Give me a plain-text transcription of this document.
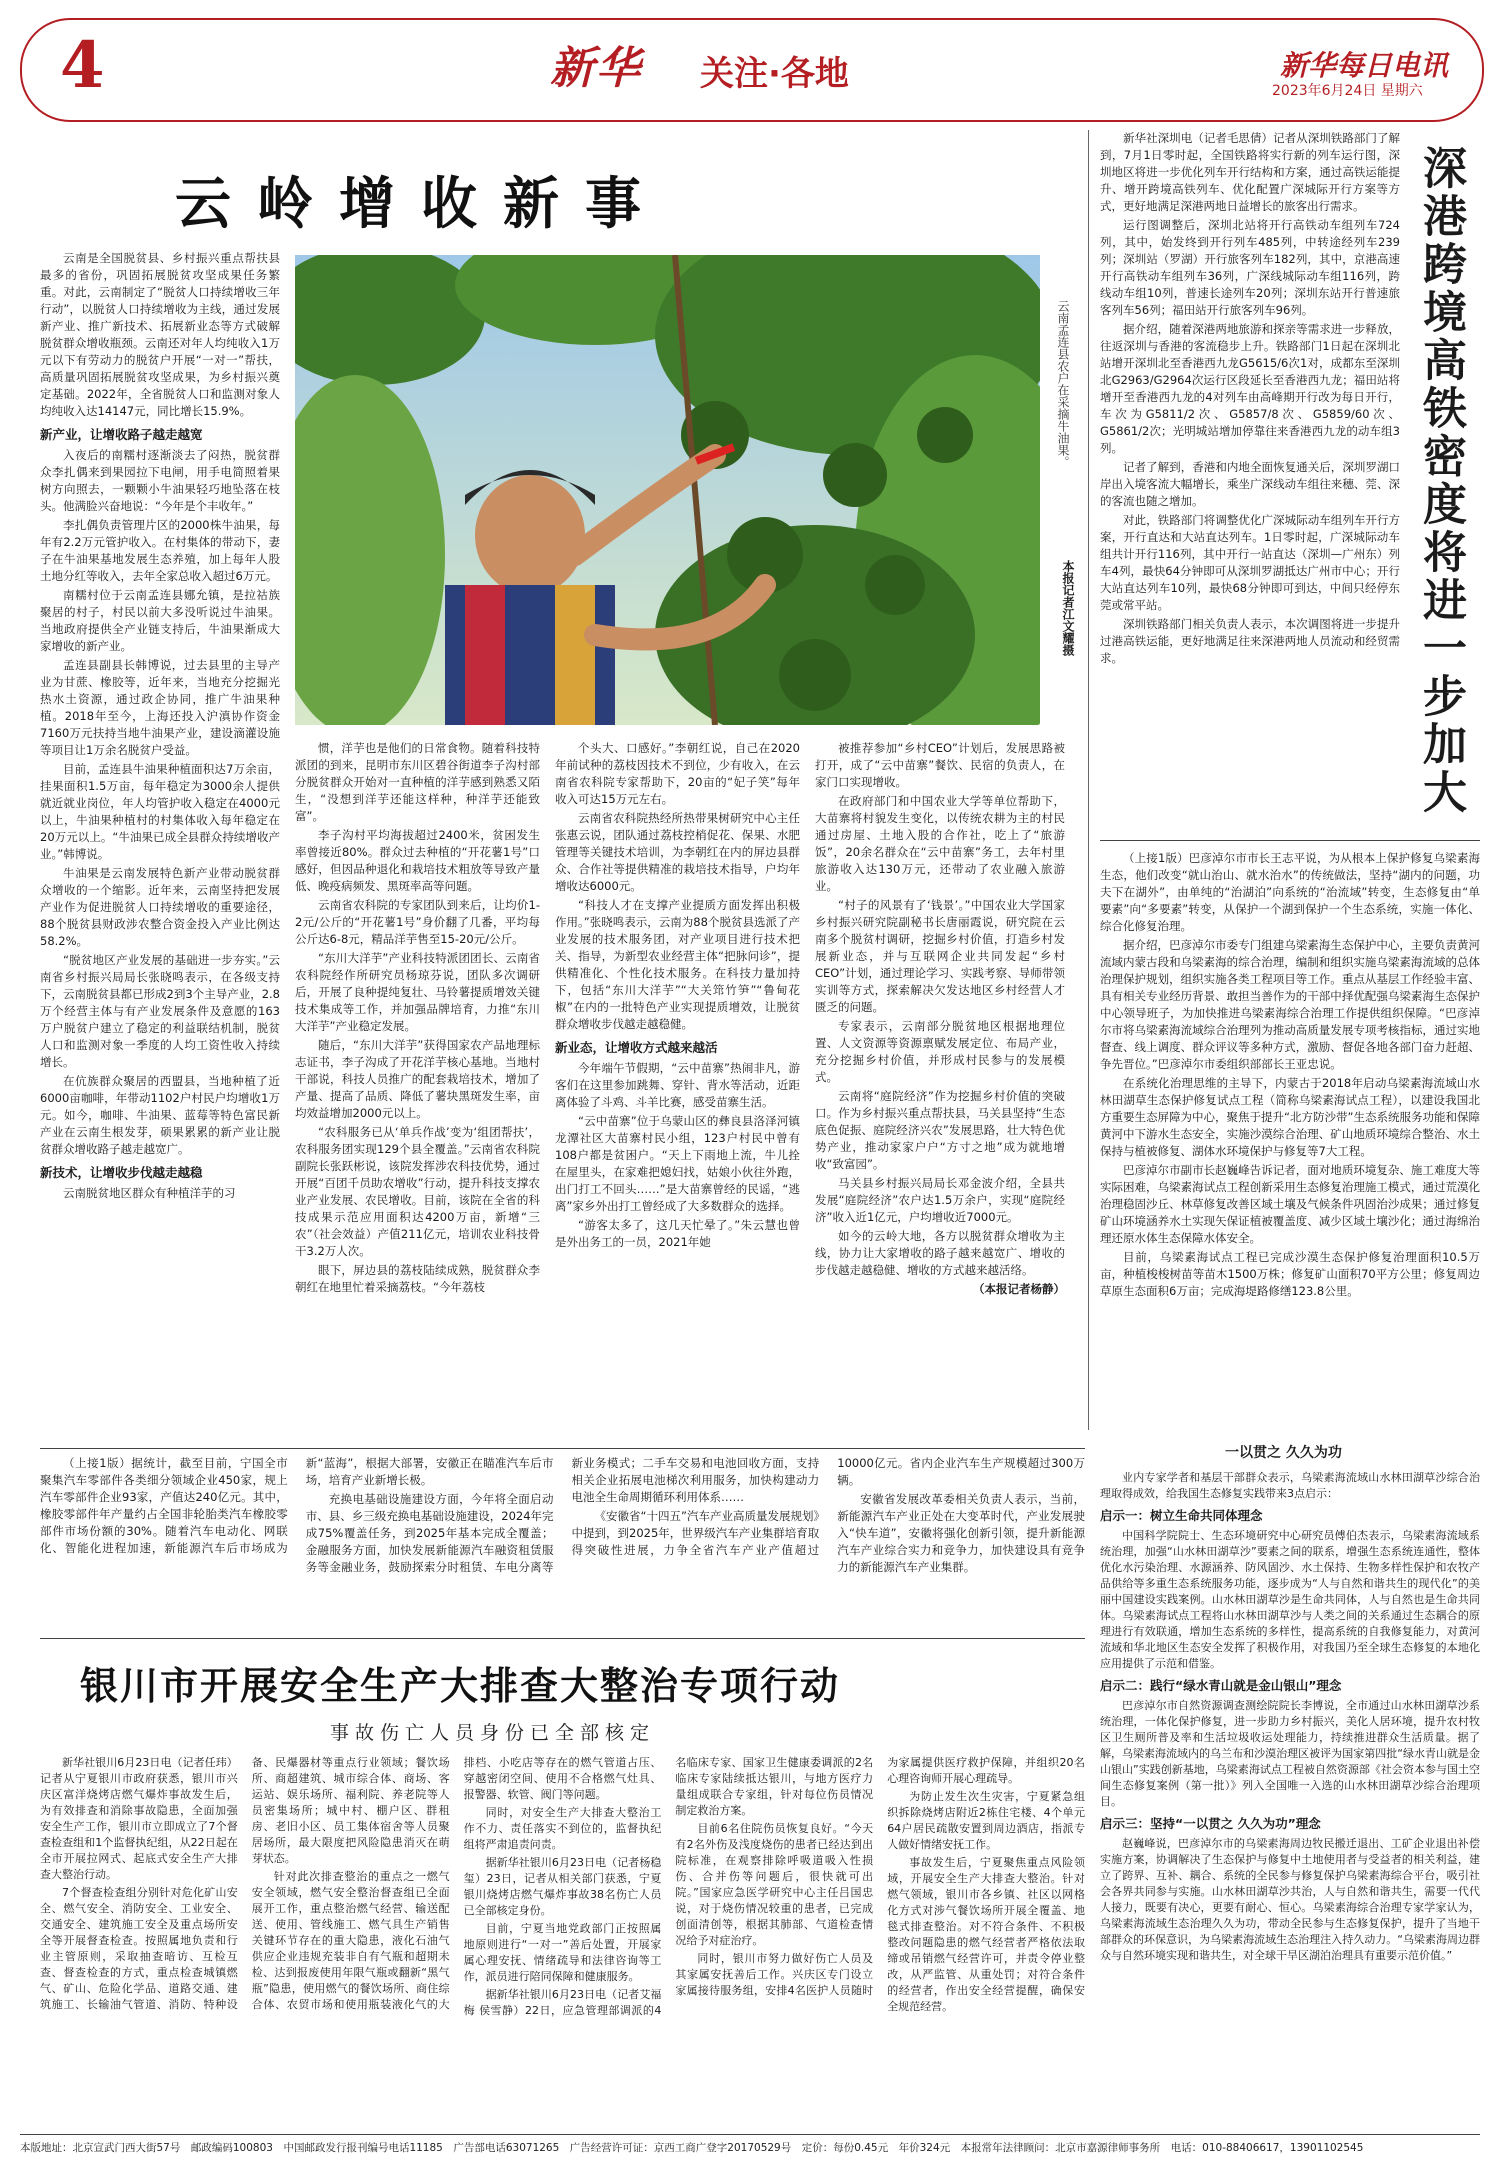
4	新华 关注·各地	新华每日电讯
2023年6月24日 星期六
云岭增收新事
云南孟连县农户在采摘牛油果。
本报记者江文耀摄

云南是全国脱贫县、乡村振兴重点帮扶县最多的省份，巩固拓展脱贫攻坚成果任务繁重。对此，云南制定了“脱贫人口持续增收三年行动”，以脱贫人口持续增收为主线，通过发展新产业、推广新技术、拓展新业态等方式破解脱贫群众增收瓶颈。云南还对年人均纯收入1万元以下有劳动力的脱贫户开展“一对一”帮扶，高质量巩固拓展脱贫攻坚成果，为乡村振兴奠定基础。2022年，全省脱贫人口和监测对象人均纯收入达14147元，同比增长15.9%。

新产业，让增收路子越走越宽

入夜后的南糯村逐渐淡去了闷热，脱贫群众李扎偶来到果园拉下电闸，用手电简照着果树方向照去，一颗颗小牛油果轻巧地坠落在枝头。他满脸兴奋地说：“今年是个丰收年。”

李扎偶负责管理片区的2000株牛油果，每年有2.2万元管护收入。在村集体的带动下，妻子在牛油果基地发展生态养殖，加上每年人股土地分红等收入，去年全家总收入超过6万元。

南糯村位于云南孟连县娜允镇，是拉祜族聚居的村子，村民以前大多没听说过牛油果。当地政府提供全产业链支持后，牛油果渐成大家增收的新产业。

孟连县副县长韩博说，过去县里的主导产业为甘蔗、橡胶等，近年来，当地充分挖掘光热水土资源，通过政企协同，推广牛油果种植。2018年至今，上海还投入沪滇协作资金7160万元扶持当地牛油果产业，建设滴灌设施等项目让1万余名脱贫户受益。

目前，孟连县牛油果种植面积达7万余亩，挂果面积1.5万亩，每年稳定为3000余人提供就近就业岗位，年人均管护收入稳定在4000元以上，牛油果种植村的村集体收入每年稳定在20万元以上。“牛油果已成全县群众持续增收产业。”韩博说。

牛油果是云南发展特色新产业带动脱贫群众增收的一个缩影。近年来，云南坚持把发展产业作为促进脱贫人口持续增收的重要途径，88个脱贫县财政涉农整合资金投入产业比例达58.2%。

“脱贫地区产业发展的基础进一步夯实。”云南省乡村振兴局局长张晓鸣表示，在各级支持下，云南脱贫县都已形成2到3个主导产业，2.8万个经营主体与有产业发展条件及意愿的163万户脱贫户建立了稳定的利益联结机制，脱贫人口和监测对象一季度的人均工资性收入持续增长。

在伉族群众聚居的西盟县，当地种植了近6000亩咖啡，年带动1102户村民户均增收1万元。如今，咖啡、牛油果、蓝莓等特色富民新产业在云南生根发芽，硕果累累的新产业让脱贫群众增收路子越走越宽广。

新技术，让增收步伐越走越稳

云南脱贫地区群众有种植洋芋的习

惯，洋芋也是他们的日常食物。随着科技特派团的到来，昆明市东川区碧谷街道李子沟村部分脱贫群众开始对一直种植的洋芋感到熟悉又陌生，“没想到洋芋还能这样种，种洋芋还能致富”。

李子沟村平均海拔超过2400米，贫困发生率曾接近80%。群众过去种植的“开花薯1号”口感好，但因品种退化和栽培技术粗放等导致产量低、晚疫病频发、黑斑率高等问题。

云南省农科院的专家团队到来后，让均价1-2元/公斤的“开花薯1号”身价翻了几番，平均每公斤达6-8元，精品洋芋售至15-20元/公斤。

“东川大洋芋”产业科技特派团团长、云南省农科院经作所研究员杨琼芬说，团队多次调研后，开展了良种提纯复壮、马铃薯提质增效关键技术集成等工作，并加强品牌培育，力推“东川大洋芋”产业稳定发展。

随后，“东川大洋芋”获得国家农产品地理标志证书，李子沟成了开花洋芋核心基地。当地村干部说，科技人员推广的配套栽培技术，增加了产量、提高了品质、降低了薯块黑斑发生率，亩均效益增加2000元以上。

“农科服务已从‘单兵作战’变为‘组团帮扶’，农科服务团实现129个县全覆盖。”云南省农科院副院长张跃彬说，该院发挥涉农科技优势，通过开展“百团千员助农增收”行动，提升科技支撑农业产业发展、农民增收。目前，该院在全省的科技成果示范应用面积达4200万亩，新增“三农”（社会效益）产值211亿元，培训农业科技骨干3.2万人次。

眼下，屏边县的荔枝陆续成熟，脱贫群众李朝红在地里忙着采摘荔枝。“今年荔枝

个头大、口感好。”李朝红说，自己在2020年前试种的荔枝因技术不到位，少有收入，在云南省农科院专家帮助下，20亩的“妃子笑”每年收入可达15万元左右。

云南省农科院热经所热带果树研究中心主任张惠云说，团队通过荔枝控梢促花、保果、水肥管理等关键技术培训，为李朝红在内的屏边县群众、合作社等提供精准的栽培技术指导，户均年增收达6000元。

“科技人才在支撑产业提质方面发挥出积极作用。”张晓鸣表示，云南为88个脱贫县选派了产业发展的技术服务团，对产业项目进行技术把关、指导，为新型农业经营主体“把脉问诊”，提供精准化、个性化技术服务。在科技力量加持下，包括“东川大洋芋”“大关筇竹笋”“鲁甸花椒”在内的一批特色产业实现提质增效，让脱贫群众增收步伐越走越稳健。

新业态，让增收方式越来越活

今年端午节假期，“云中苗寨”热闹非凡，游客们在这里参加跳舞、穿针、背水等活动，近距离体验了斗鸡、斗羊比赛，感受苗寨生活。

“云中苗寨”位于乌蒙山区的彝良县洛泽河镇龙潭社区大苗寨村民小组，123户村民中曾有108户都是贫困户。“天上下雨地上流，牛儿拴在屋里头，在家难把媳妇找，姑娘小伙往外跑，出门打工不回头……”是大苗寨曾经的民谣，“逃离”家乡外出打工曾经成了大多数群众的选择。

“游客太多了，这几天忙晕了。”朱云慧也曾是外出务工的一员，2021年她

被推荐参加“乡村CEO”计划后，发展思路被打开，成了“云中苗寨”餐饮、民宿的负责人，在家门口实现增收。

在政府部门和中国农业大学等单位帮助下，大苗寨将村貌发生变化，以传统农耕为主的村民通过房屋、土地入股的合作社，吃上了“旅游饭”，20余名群众在“云中苗寨”务工，去年村里旅游收入达130万元，还带动了农业融入旅游业。

“村子的风景有了‘钱景’。”中国农业大学国家乡村振兴研究院副秘书长唐丽霞说，研究院在云南多个脱贫村调研，挖掘乡村价值，打造乡村发展新业态，并与互联网企业共同发起“乡村CEO”计划，通过理论学习、实践考察、导师带领实训等方式，探索解决欠发达地区乡村经营人才匮乏的问题。

专家表示，云南部分脱贫地区根据地理位置、人文资源等资源禀赋发展定位、布局产业，充分挖掘乡村价值，并形成村民参与的发展模式。

云南将“庭院经济”作为挖掘乡村价值的突破口。作为乡村振兴重点帮扶县，马关县坚持“生态底色促振、庭院经济兴农”发展思路，壮大特色优势产业，推动家家户户“方寸之地”成为就地增收“致富园”。

马关县乡村振兴局局长邓金波介绍，全县共发展“庭院经济”农户达1.5万余户，实现“庭院经济”收入近1亿元，户均增收近7000元。

如今的云岭大地，各方以脱贫群众增收为主线，协力让大家增收的路子越来越宽广、增收的步伐越走越稳健、增收的方式越来越活络。

（本报记者杨静）

深港跨境高铁密度将进一步加大

新华社深圳电（记者毛思倩）记者从深圳铁路部门了解到，7月1日零时起，全国铁路将实行新的列车运行图，深圳地区将进一步优化列车开行结构和方案，通过高铁运能提升、增开跨境高铁列车、优化配置广深城际开行方案等方式，更好地满足深港两地日益增长的旅客出行需求。

运行图调整后，深圳北站将开行高铁动车组列车724列，其中，始发终到开行列车485列，中转途经列车239列；深圳站（罗湖）开行旅客列车182列，其中，京港高速开行高铁动车组列车36列，广深线城际动车组116列，跨线动车组10列，普速长途列车20列；深圳东站开行普速旅客列车56列；福田站开行旅客列车96列。

据介绍，随着深港两地旅游和探亲等需求进一步释放，往返深圳与香港的客流稳步上升。铁路部门1日起在深圳北站增开深圳北至香港西九龙G5615/6次1对，成都东至深圳北G2963/G2964次运行区段延长至香港西九龙；福田站将增开至香港西九龙的4对列车由高峰期开行改为每日开行，车次为G5811/2次、G5857/8次、G5859/60次、G5861/2次；光明城站增加停靠往来香港西九龙的动车组3列。

记者了解到，香港和内地全面恢复通关后，深圳罗湖口岸出入境客流大幅增长，乘坐广深线动车组往来穗、莞、深的客流也随之增加。

对此，铁路部门将调整优化广深城际动车组列车开行方案，开行直达和大站直达列车。1日零时起，广深城际动车组共计开行116列，其中开行一站直达（深圳—广州东）列车4列，最快64分钟即可从深圳罗湖抵达广州市中心；开行大站直达列车10列，最快68分钟即可到达，中间只经停东莞或常平站。

深圳铁路部门相关负责人表示，本次调图将进一步提升过港高铁运能，更好地满足往来深港两地人员流动和经贸需求。

（上接1版）巴彦淖尔市市长王志平说，为从根本上保护修复乌梁素海生态，他们改变“就山治山、就水治水”的传统做法，坚持“湖内的问题，功夫下在湖外”，由单纯的“治湖泊”向系统的“治流域”转变，生态修复由“单要素”向“多要素”转变，从保护一个湖到保护一个生态系统，实施一体化、综合化修复治理。

据介绍，巴彦淖尔市委专门组建乌梁素海生态保护中心，主要负责黄河流域内蒙古段和乌梁素海的综合治理，编制和组织实施乌梁素海流域的总体治理保护规划，组织实施各类工程项目等工作。重点从基层工作经验丰富、具有相关专业经历背景、敢担当善作为的干部中择优配强乌梁素海生态保护中心领导班子，为加快推进乌梁素海综合治理工作提供组织保障。“巴彦淖尔市将乌梁素海流域综合治理列为推动高质量发展专项考核指标，通过实地督查、线上调度、群众评议等多种方式，激励、督促各地各部门奋力赶超、争先晋位。”巴彦淖尔市委组织部部长王亚忠说。

在系统化治理思维的主导下，内蒙古于2018年启动乌梁素海流域山水林田湖草生态保护修复试点工程（简称乌梁素海试点工程），以建设我国北方重要生态屏障为中心，聚焦于提升“北方防沙带”生态系统服务功能和保障黄河中下游水生态安全，实施沙漠综合治理、矿山地质环境综合整治、水土保持与植被修复、湖体水环境保护与修复等7大工程。

巴彦淖尔市副市长赵巍峰告诉记者，面对地质环境复杂、施工难度大等实际困难，乌梁素海试点工程创新采用生态修复治理施工模式，通过荒漠化治理稳固沙丘、林草修复改善区域土壤及气候条件巩固治沙成果；通过修复矿山环境涵养水土实现矢保证植被覆盖度、减少区域土壤沙化；通过海绵治理还原水体生态保障水体安全。

目前，乌梁素海试点工程已完成沙漠生态保护修复治理面积10.5万亩，种植梭梭树苗等苗木1500万株；修复矿山面积70平方公里；修复周边草原生态面积6万亩；完成海堤路修缮123.8公里。

一以贯之 久久为功

业内专家学者和基层干部群众表示，乌梁素海流域山水林田湖草沙综合治理取得成效，给我国生态修复实践带来3点启示：

启示一：树立生命共同体理念

中国科学院院士、生态环境研究中心研究员傅伯杰表示，乌梁素海流域系统治理，加强“山水林田湖草沙”要素之间的联系，增强生态系统连通性，整体优化水污染治理、水源涵养、防风固沙、水土保持、生物多样性保护和农牧产品供给等多重生态系统服务功能，逐步成为“人与自然和谐共生的现代化”的美丽中国建设实践案例。山水林田湖草沙是生命共同体，人与自然也是生命共同体。乌梁素海试点工程将山水林田湖草沙与人类之间的关系通过生态耦合的原理进行有效联通，增加生态系统的多样性，提高系统的自我修复能力，对黄河流域和华北地区生态安全发挥了积极作用，对我国乃至全球生态修复的本地化应用提供了示范和借鉴。

启示二：践行“绿水青山就是金山银山”理念

巴彦淖尔市自然资源调查测绘院院长李博说，全市通过山水林田湖草沙系统治理，一体化保护修复，进一步助力乡村振兴，美化人居环境，提升农村牧区卫生厕所普及率和生活垃圾收运处理能力，持续推进群众生活质量。据了解，乌梁素海流域内的乌兰布和沙漠治理区被评为国家第四批“绿水青山就是金山银山”实践创新基地，乌梁素海试点工程被自然资源部《社会资本参与国土空间生态修复案例（第一批）》列入全国唯一入选的山水林田湖草沙综合治理项目。

启示三：坚持“一以贯之 久久为功”理念

赵巍峰说，巴彦淖尔市的乌梁素海周边牧民搬迁退出、工矿企业退出补偿实施方案，协调解决了生态保护与修复中土地使用者与受益者的相关利益，建立了跨界、互补、耦合、系统的全民参与修复保护乌梁素海综合平台，吸引社会各界共同参与实施。山水林田湖草沙共治，人与自然和谐共生，需要一代代人接力，既要有决心，更要有耐心、恒心。乌梁素海综合治理专家学家认为，乌梁素海流域生态治理久久为功，带动全民参与生态修复保护，提升了当地干部群众的环保意识，为乌梁素海流域生态治理注入持久动力。“乌梁素海周边群众与自然环境实现和谐共生，对全球干旱区湖泊治理具有重要示范价值。”

（上接1版）据统计，截至目前，宁国全市聚集汽车零部件各类细分领域企业450家，规上汽车零部件企业93家，产值达240亿元。其中，橡胶零部件年产量约占全国非轮胎类汽车橡胶零部件市场份额的30%。随着汽车电动化、网联化、智能化进程加速，新能源汽车后市场成为新“蓝海”，根据大部署，安徽正在瞄准汽车后市场，培育产业新增长极。

充换电基础设施建设方面，今年将全面启动市、县、乡三级充换电基础设施建设，2024年完成75%覆盖任务，到2025年基本完成全覆盖；金融服务方面，加快发展新能源汽车融资租赁服务等金融业务，鼓励探索分时租赁、车电分离等新业务模式；二手车交易和电池回收方面，支持相关企业拓展电池梯次利用服务，加快构建动力电池全生命周期循环利用体系……

《安徽省“十四五”汽车产业高质量发展规划》中提到，到2025年，世界级汽车产业集群培育取得突破性进展，力争全省汽车产业产值超过10000亿元。省内企业汽车生产规模超过300万辆。

安徽省发展改革委相关负责人表示，当前，新能源汽车产业正处在大变革时代，产业发展驶入“快车道”，安徽将强化创新引领，提升新能源汽车产业综合实力和竞争力，加快建设具有竞争力的新能源汽车产业集群。

银川市开展安全生产大排查大整治专项行动
事故伤亡人员身份已全部核定

新华社银川6月23日电（记者任玮）记者从宁夏银川市政府获悉，银川市兴庆区富洋烧烤店燃气爆炸事故发生后，为有效排查和消除事故隐患，全面加强安全生产工作，银川市立即成立了7个督查检查组和1个监督执纪组，从22日起在全市开展拉网式、起底式安全生产大排查大整治行动。

7个督查检查组分别针对危化矿山安全、燃气安全、消防安全、工业安全、交通安全、建筑施工安全及重点场所安全等开展督查检查。按照属地负责和行业主管原则，采取抽查暗访、互检互查、督查检查的方式，重点检查城镇燃气、矿山、危险化学品、道路交通、建筑施工、长输油气管道、消防、特种设备、民爆器材等重点行业领域；餐饮场所、商超建筑、城市综合体、商场、客运站、娱乐场所、福利院、养老院等人员密集场所；城中村、棚户区、群租房、老旧小区、员工集体宿舍等人员聚居场所，最大限度把风险隐患消灭在萌芽状态。

针对此次排查整治的重点之一燃气安全领域，燃气安全整治督查组已全面展开工作，重点整治燃气经营、输送配送、使用、管线施工、燃气具生产销售关键环节存在的重大隐患，液化石油气供应企业违规充装非自有气瓶和超期未检、达到报废使用年限气瓶或翻新“黑气瓶”隐患，使用燃气的餐饮场所、商住综合体、农贸市场和使用瓶装液化气的大排档、小吃店等存在的燃气管道占压、穿越密闭空间、使用不合格燃气灶具、报警器、软管、阀门等问题。

同时，对安全生产大排查大整治工作不力、责任落实不到位的，监督执纪组将严肃追责问责。

据新华社银川6月23日电（记者杨稳玺）23日，记者从相关部门获悉，宁夏银川烧烤店燃气爆炸事故38名伤亡人员已全部核定身份。

目前，宁夏当地党政部门正按照属地原则进行“一对一”善后处置，开展家属心理安抚、情绪疏导和法律咨询等工作，派员进行陪同保障和健康服务。

据新华社银川6月23日电（记者艾福梅 侯雪静）22日，应急管理部调派的4名临床专家、国家卫生健康委调派的2名临床专家陆续抵达银川，与地方医疗力量组成联合专家组，针对每位伤员情况制定救治方案。

目前6名住院伤员恢复良好。“今天有2名外伤及浅度烧伤的患者已经达到出院标准，在观察排除呼吸道吸入性损伤、合并伤等问题后，很快就可出院。”国家应急医学研究中心主任吕国忠说，对于烧伤情况较重的患者，已完成创面清创等，根据其肺部、气道检查情况给予对症治疗。

同时，银川市努力做好伤亡人员及其家属安抚善后工作。兴庆区专门设立家属接待服务组，安排4名医护人员随时为家属提供医疗救护保障，并组织20名心理咨询师开展心理疏导。

为防止发生次生灾害，宁夏紧急组织拆除烧烤店附近2栋住宅楼、4个单元64户居民疏散安置到周边酒店，指派专人做好情绪安抚工作。

事故发生后，宁夏聚焦重点风险领域，开展安全生产大排查大整治。针对燃气领域，银川市各乡镇、社区以网格化方式对涉气餐饮场所开展全覆盖、地毯式排查整治。对不符合条件、不积极整改问题隐患的燃气经营者严格依法取缔或吊销燃气经营许可，并责令停业整改，从严监管、从重处罚；对符合条件的经营者，作出安全经营提醒，确保安全规范经营。

本版地址：北京宣武门西大街57号　邮政编码100803　中国邮政发行报刊编号电话11185　广告部电话63071265　广告经营许可证：京西工商广登字20170529号　定价：每份0.45元　年价324元　本报常年法律顾问：北京市嘉源律师事务所　电话：010-88406617，13901102545
